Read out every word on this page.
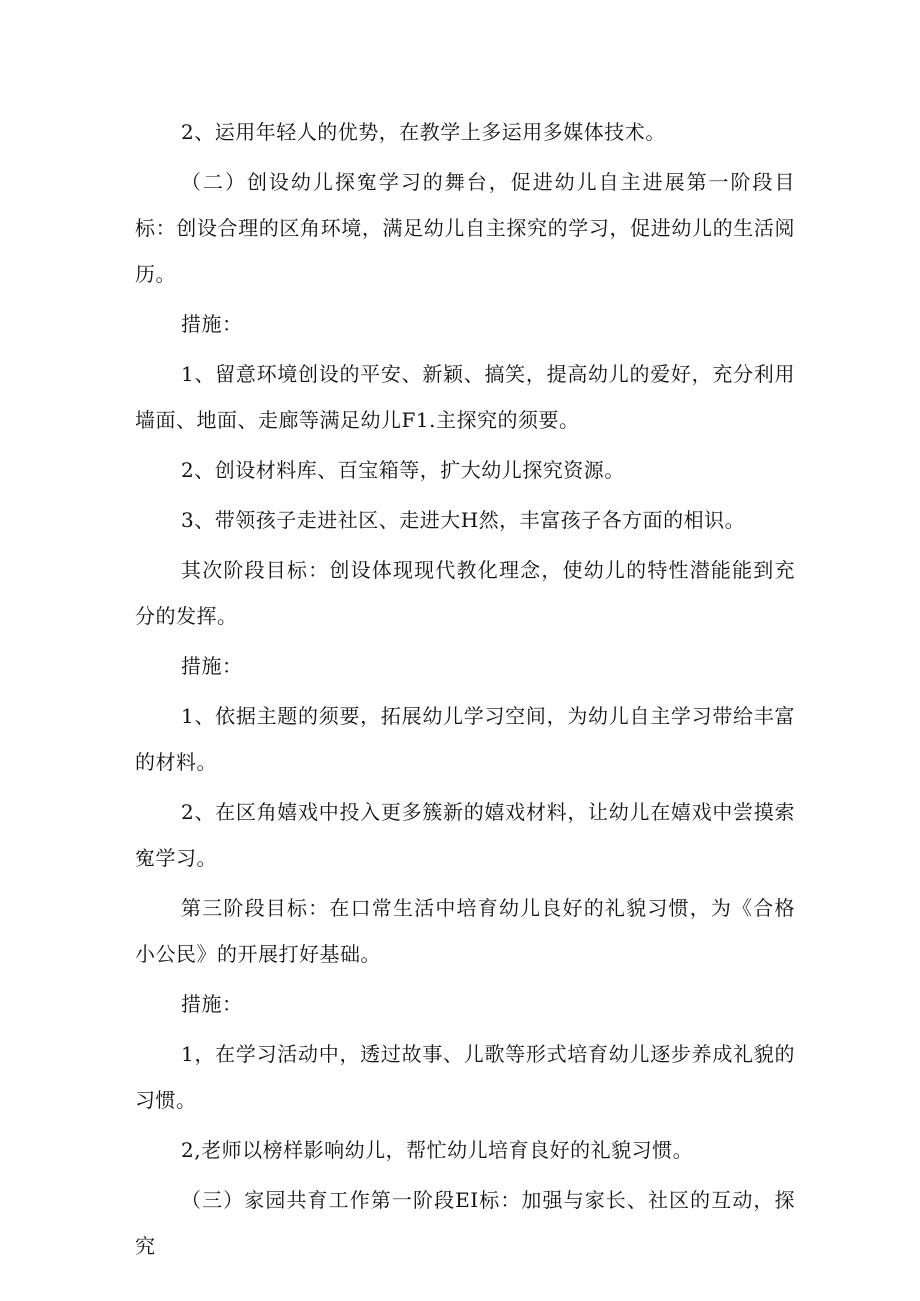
2、运用年轻人的优势，在教学上多运用多媒体技术。

（二）创设幼儿探寃学习的舞台，促进幼儿自主进展第一阶段目标：创设合理的区角环境，满足幼儿自主探究的学习，促进幼儿的生活阅历。

措施：

1、留意环境创设的平安、新颖、搞笑，提高幼儿的爱好，充分利用墙面、地面、走廊等满足幼儿F1.主探究的须要。

2、创设材料库、百宝箱等，扩大幼儿探究资源。

3、带领孩子走进社区、走进大H然，丰富孩子各方面的相识。

其次阶段目标：创设体现现代教化理念，使幼儿的特性潜能能到充分的发挥。

措施：

1、依据主题的须要，拓展幼儿学习空间，为幼儿自主学习带给丰富的材料。

2、在区角嬉戏中投入更多簇新的嬉戏材料，让幼儿在嬉戏中尝摸索寃学习。

第三阶段目标：在口常生活中培育幼儿良好的礼貌习惯，为《合格小公民》的开展打好基础。

措施：

1，在学习活动中，透过故事、儿歌等形式培育幼儿逐步养成礼貌的习惯。

2,老师以榜样影响幼儿，帮忙幼儿培育良好的礼貌习惯。

（三）家园共育工作第一阶段EI标：加强与家长、社区的互动，探究
